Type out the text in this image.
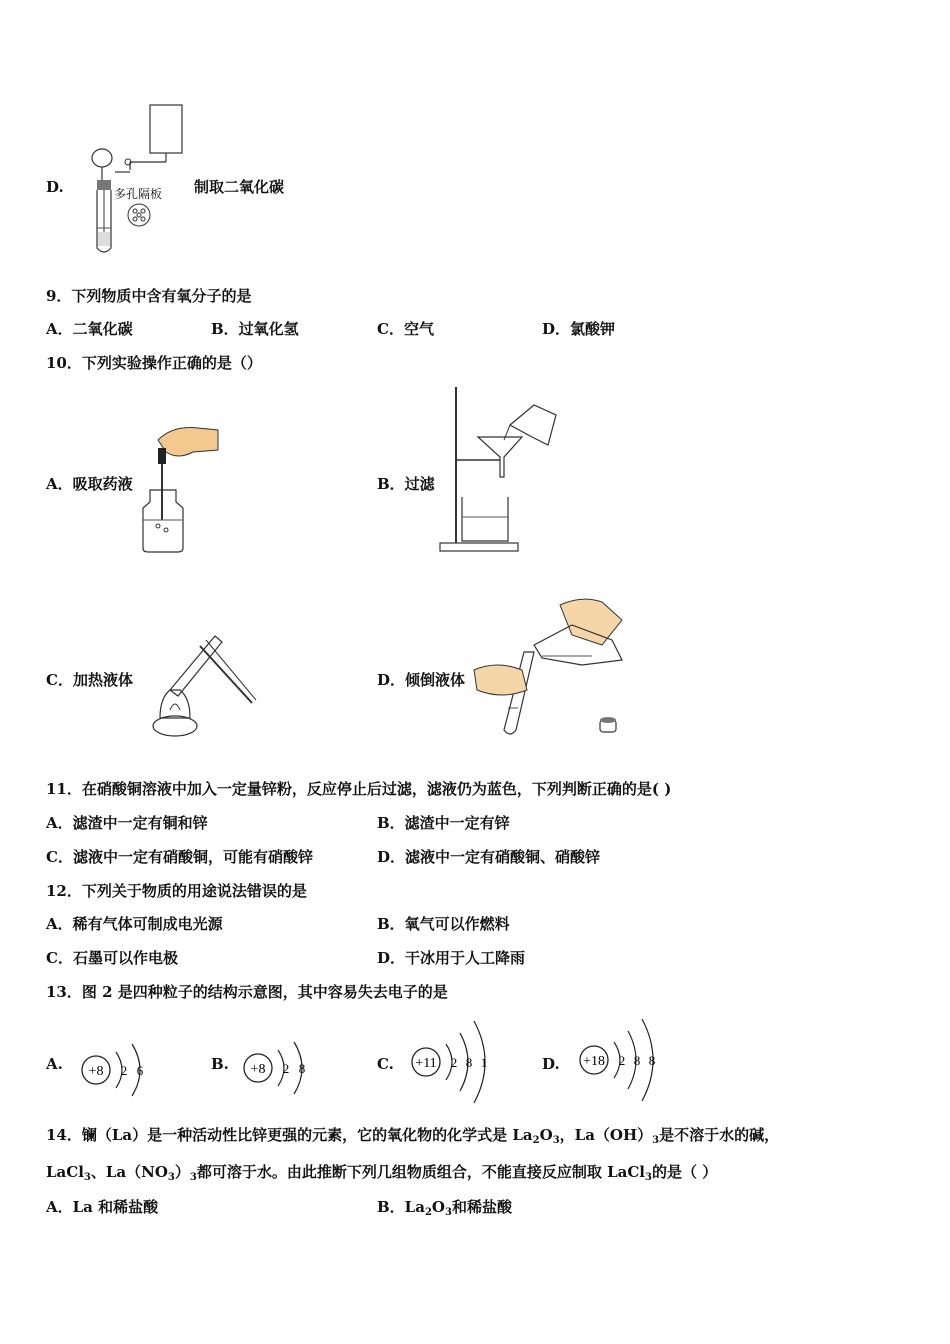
D.	多孔隔板 制取二氧化碳
9．下列物质中含有氧分子的是
A．二氧化碳	B．过氧化氢	C．空气	D．氯酸钾
10．下列实验操作正确的是（）
A．吸取药液	B．过滤
C．加热液体	D．倾倒液体
11．在硝酸铜溶液中加入一定量锌粉，反应停止后过滤，滤液仍为蓝色，下列判断正确的是( )
A．滤渣中一定有铜和锌	B．滤渣中一定有锌
C．滤液中一定有硝酸铜，可能有硝酸锌	D．滤液中一定有硝酸铜、硝酸锌
12．下列关于物质的用途说法错误的是
A．稀有气体可制成电光源	B．氧气可以作燃料
C．石墨可以作电极	D．干冰用于人工降雨
13．图 2 是四种粒子的结构示意图，其中容易失去电子的是
A. +8 2 6	B. +8 2 8	C. +11 2 8 1	D. +18 2 8 8
14．镧（La）是一种活动性比锌更强的元素，它的氧化物的化学式是 $La_2O_3$，$La(OH)_3$是不溶于水的碱，
LaCl$_3$、$La(NO_3)_3$都可溶于水。由此推断下列几组物质组合，不能直接反应制取 LaCl$_3$的是（ ）
A．La 和稀盐酸	B．$La_2O_3$和稀盐酸
